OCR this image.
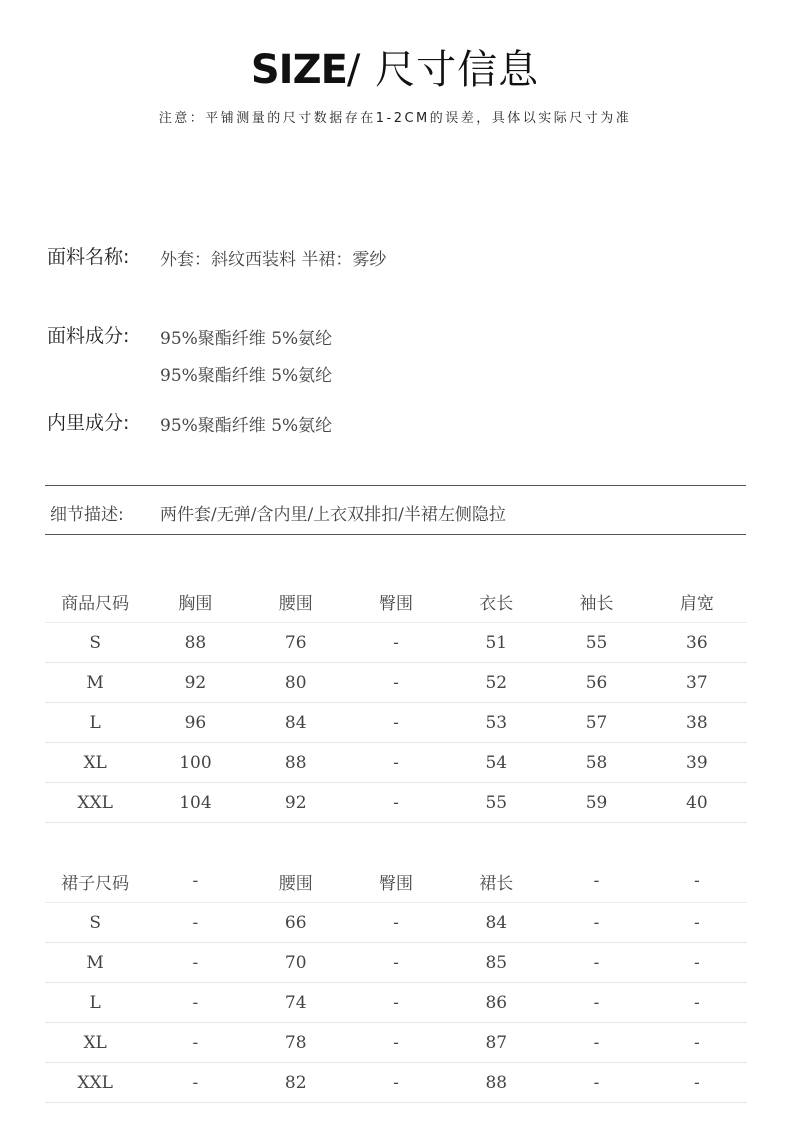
SIZE/ 尺寸信息
注意：平铺测量的尺寸数据存在1-2CM的误差，具体以实际尺寸为准
面料名称: 外套：斜纹西装料 半裙：雾纱
面料成分: 95%聚酯纤维 5%氨纶
95%聚酯纤维 5%氨纶
内里成分: 95%聚酯纤维 5%氨纶
细节描述: 两件套/无弹/含内里/上衣双排扣/半裙左侧隐拉
商品尺码	胸围	腰围	臀围	衣长	袖长	肩宽
S	88	76	-	51	55	36
M	92	80	-	52	56	37
L	96	84	-	53	57	38
XL	100	88	-	54	58	39
XXL	104	92	-	55	59	40
裙子尺码	-	腰围	臀围	裙长	-	-
S	-	66	-	84	-	-
M	-	70	-	85	-	-
L	-	74	-	86	-	-
XL	-	78	-	87	-	-
XXL	-	82	-	88	-	-
